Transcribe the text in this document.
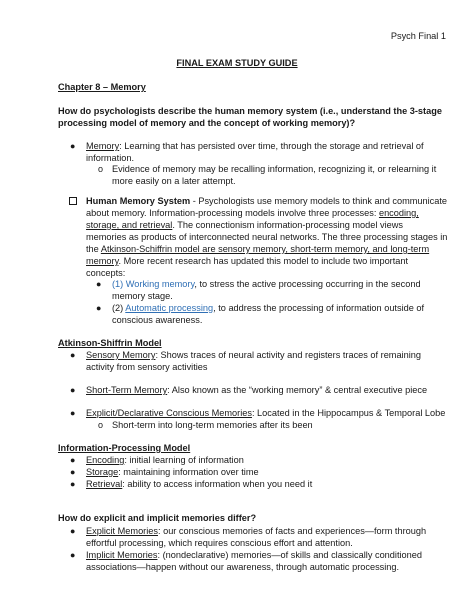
Psych Final 1
FINAL EXAM STUDY GUIDE
Chapter 8 – Memory
How do psychologists describe the human memory system (i.e., understand the 3-stage
processing model of memory and the concept of working memory)?
● Memory: Learning that has persisted over time, through the storage and retrieval of
information.
o Evidence of memory may be recalling information, recognizing it, or relearning it
more easily on a later attempt.
Human Memory System - Psychologists use memory models to think and communicate
about memory. Information-processing models involve three processes: encoding,
storage, and retrieval. The connectionism information-processing model views
memories as products of interconnected neural networks. The three processing stages in
the Atkinson-Schiffrin model are sensory memory, short-term memory, and long-term
memory. More recent research has updated this model to include two important
concepts:
● (1) Working memory, to stress the active processing occurring in the second
memory stage.
● (2) Automatic processing, to address the processing of information outside of
conscious awareness.
Atkinson-Shiffrin Model
● Sensory Memory: Shows traces of neural activity and registers traces of remaining
activity from sensory activities
● Short-Term Memory: Also known as the “working memory” & central executive piece
● Explicit/Declarative Conscious Memories: Located in the Hippocampus & Temporal Lobe
o Short-term into long-term memories after its been
Information-Processing Model
● Encoding: initial learning of information
● Storage: maintaining information over time
● Retrieval: ability to access information when you need it
How do explicit and implicit memories differ?
● Explicit Memories: our conscious memories of facts and experiences—form through
effortful processing, which requires conscious effort and attention.
● Implicit Memories: (nondeclarative) memories—of skills and classically conditioned
associations—happen without our awareness, through automatic processing.
